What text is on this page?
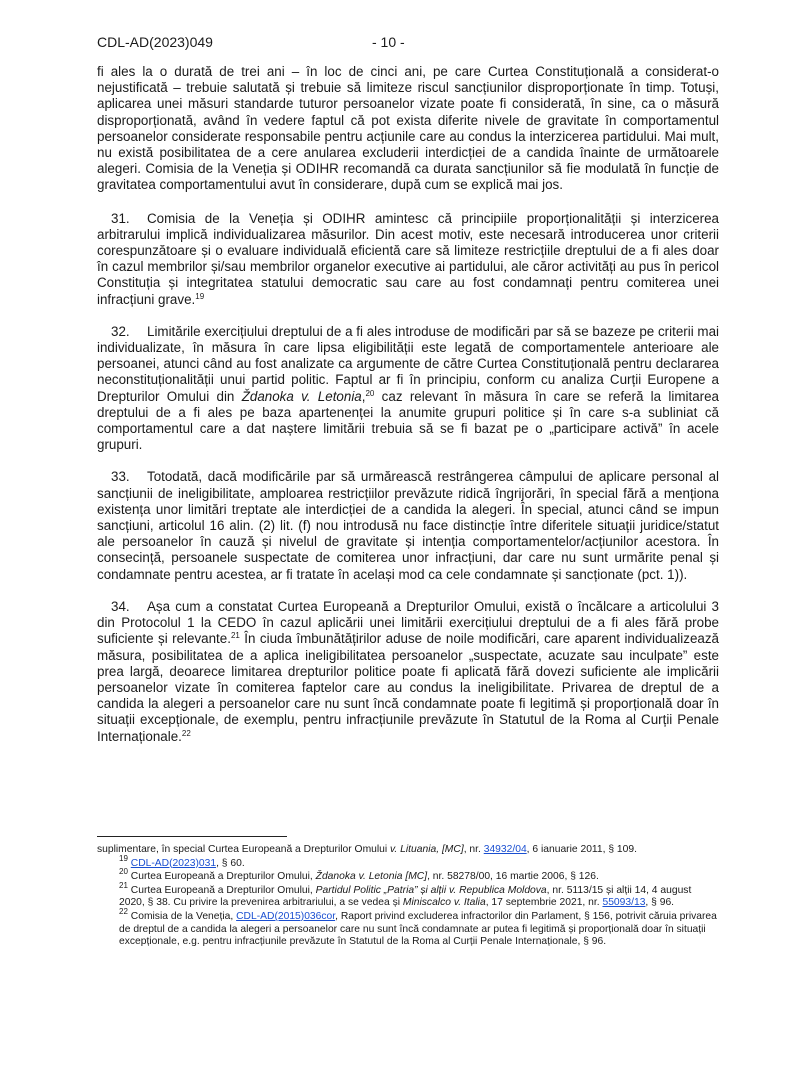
CDL-AD(2023)049	- 10 -

fi ales la o durată de trei ani – în loc de cinci ani, pe care Curtea Constituțională a considerat-o nejustificată – trebuie salutată și trebuie să limiteze riscul sancțiunilor disproporționate în timp. Totuși, aplicarea unei măsuri standarde tuturor persoanelor vizate poate fi considerată, în sine, ca o măsură disproporționată, având în vedere faptul că pot exista diferite nivele de gravitate în comportamentul persoanelor considerate responsabile pentru acțiunile care au condus la interzicerea partidului. Mai mult, nu există posibilitatea de a cere anularea excluderii interdicției de a candida înainte de următoarele alegeri. Comisia de la Veneția și ODIHR recomandă ca durata sancțiunilor să fie modulată în funcție de gravitatea comportamentului avut în considerare, după cum se explică mai jos.

31. Comisia de la Veneția și ODIHR amintesc că principiile proporționalității și interzicerea arbitrarului implică individualizarea măsurilor. Din acest motiv, este necesară introducerea unor criterii corespunzătoare și o evaluare individuală eficientă care să limiteze restricțiile dreptului de a fi ales doar în cazul membrilor și/sau membrilor organelor executive ai partidului, ale căror activități au pus în pericol Constituția și integritatea statului democratic sau care au fost condamnați pentru comiterea unei infracțiuni grave.$^{19}$

32. Limitările exercițiului dreptului de a fi ales introduse de modificări par să se bazeze pe criterii mai individualizate, în măsura în care lipsa eligibilității este legată de comportamentele anterioare ale persoanei, atunci când au fost analizate ca argumente de către Curtea Constituțională pentru declararea neconstituționalității unui partid politic. Faptul ar fi în principiu, conform cu analiza Curții Europene a Drepturilor Omului din Ždanoka v. Letonia,$^{20}$ caz relevant în măsura în care se referă la limitarea dreptului de a fi ales pe baza apartenenței la anumite grupuri politice și în care s-a subliniat că comportamentul care a dat naștere limitării trebuia să se fi bazat pe o „participare activă” în acele grupuri.

33. Totodată, dacă modificările par să urmărească restrângerea câmpului de aplicare personal al sancțiunii de ineligibilitate, amploarea restricțiilor prevăzute ridică îngrijorări, în special fără a menționa existența unor limitări treptate ale interdicției de a candida la alegeri. În special, atunci când se impun sancțiuni, articolul 16 alin. (2) lit. (f) nou introdusă nu face distincție între diferitele situații juridice/statut ale persoanelor în cauză și nivelul de gravitate și intenția comportamentelor/acțiunilor acestora. În consecință, persoanele suspectate de comiterea unor infracțiuni, dar care nu sunt urmărite penal și condamnate pentru acestea, ar fi tratate în același mod ca cele condamnate și sancționate (pct. 1)).

34. Așa cum a constatat Curtea Europeană a Drepturilor Omului, există o încălcare a articolului 3 din Protocolul 1 la CEDO în cazul aplicării unei limitării exercițiului dreptului de a fi ales fără probe suficiente și relevante.$^{21}$ În ciuda îmbunătățirilor aduse de noile modificări, care aparent individualizează măsura, posibilitatea de a aplica ineligibilitatea persoanelor „suspectate, acuzate sau inculpate” este prea largă, deoarece limitarea drepturilor politice poate fi aplicată fără dovezi suficiente ale implicării persoanelor vizate în comiterea faptelor care au condus la ineligibilitate. Privarea de dreptul de a candida la alegeri a persoanelor care nu sunt încă condamnate poate fi legitimă și proporțională doar în situații excepționale, de exemplu, pentru infracțiunile prevăzute în Statutul de la Roma al Curții Penale Internaționale.$^{22}$

suplimentare, în special Curtea Europeană a Drepturilor Omului v. Lituania, [MC], nr. 34932/04, 6 ianuarie 2011, § 109.
$^{19}$ CDL-AD(2023)031, § 60.
$^{20}$ Curtea Europeană a Drepturilor Omului, Ždanoka v. Letonia [MC], nr. 58278/00, 16 martie 2006, § 126.
$^{21}$ Curtea Europeană a Drepturilor Omului, Partidul Politic „Patria” și alții v. Republica Moldova, nr. 5113/15 și alții 14, 4 august 2020, § 38. Cu privire la prevenirea arbitrariului, a se vedea și Miniscalco v. Italia, 17 septembrie 2021, nr. 55093/13, § 96.
$^{22}$ Comisia de la Veneția, CDL-AD(2015)036cor, Raport privind excluderea infractorilor din Parlament, § 156, potrivit căruia privarea de dreptul de a candida la alegeri a persoanelor care nu sunt încă condamnate ar putea fi legitimă și proporțională doar în situații excepționale, e.g. pentru infracțiunile prevăzute în Statutul de la Roma al Curții Penale Internaționale, § 96.
